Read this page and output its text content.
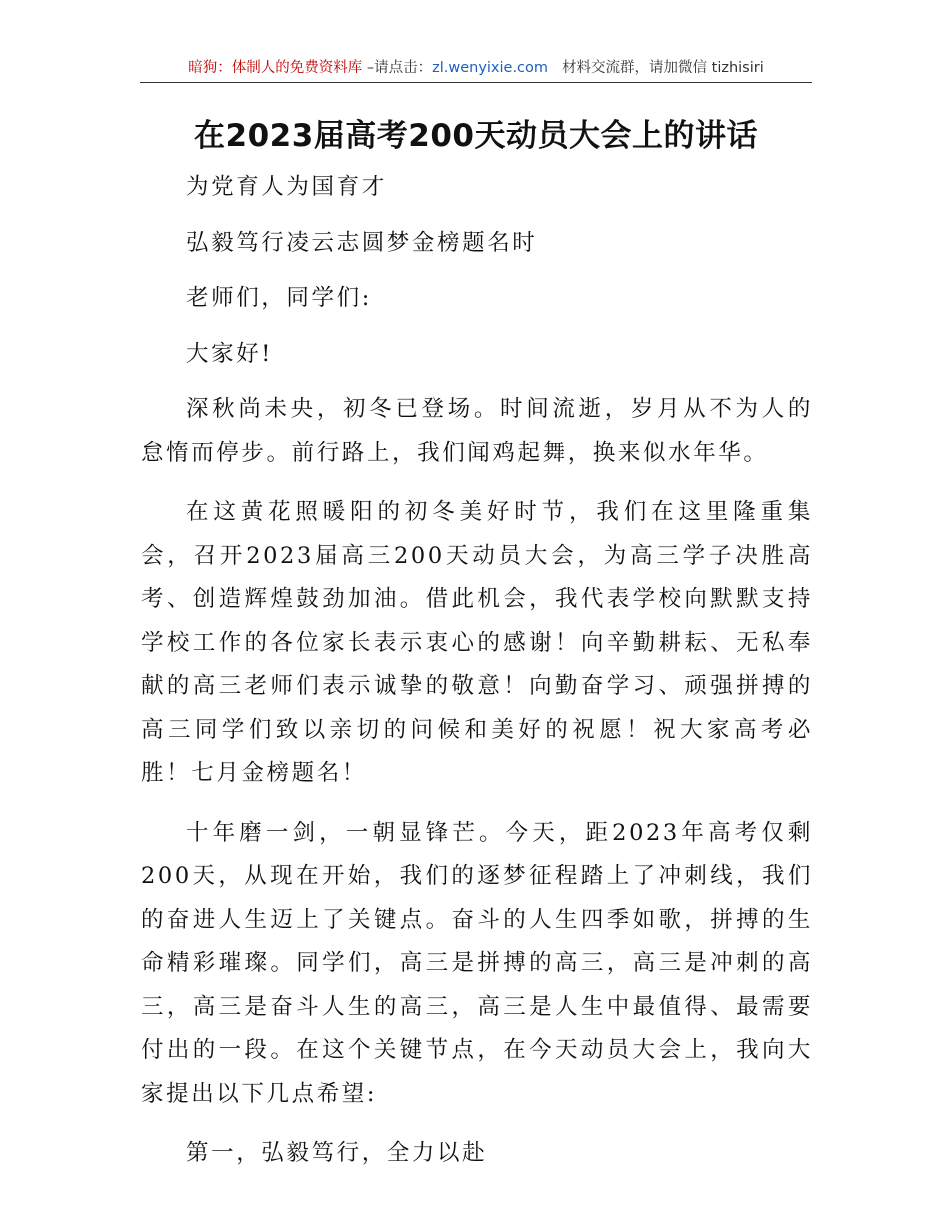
暗狗：体制人的免费资料库 –请点击：zl.wenyixie.com 材料交流群，请加微信 tizhisiri
在2023届高考200天动员大会上的讲话

为党育人为国育才

弘毅笃行凌云志圆梦金榜题名时

老师们，同学们:

大家好!

深秋尚未央，初冬已登场。时间流逝，岁月从不为人的怠惰而停步。前行路上，我们闻鸡起舞，换来似水年华。

在这黄花照暖阳的初冬美好时节，我们在这里隆重集会，召开2023届高三200天动员大会，为高三学子决胜高考、创造辉煌鼓劲加油。借此机会，我代表学校向默默支持学校工作的各位家长表示衷心的感谢！向辛勤耕耘、无私奉献的高三老师们表示诚挚的敬意！向勤奋学习、顽强拼搏的高三同学们致以亲切的问候和美好的祝愿！祝大家高考必胜！七月金榜题名！

十年磨一剑，一朝显锋芒。今天，距2023年高考仅剩200天，从现在开始，我们的逐梦征程踏上了冲刺线，我们的奋进人生迈上了关键点。奋斗的人生四季如歌，拼搏的生命精彩璀璨。同学们，高三是拼搏的高三，高三是冲刺的高三，高三是奋斗人生的高三，高三是人生中最值得、最需要付出的一段。在这个关键节点，在今天动员大会上，我向大家提出以下几点希望:

第一，弘毅笃行，全力以赴
